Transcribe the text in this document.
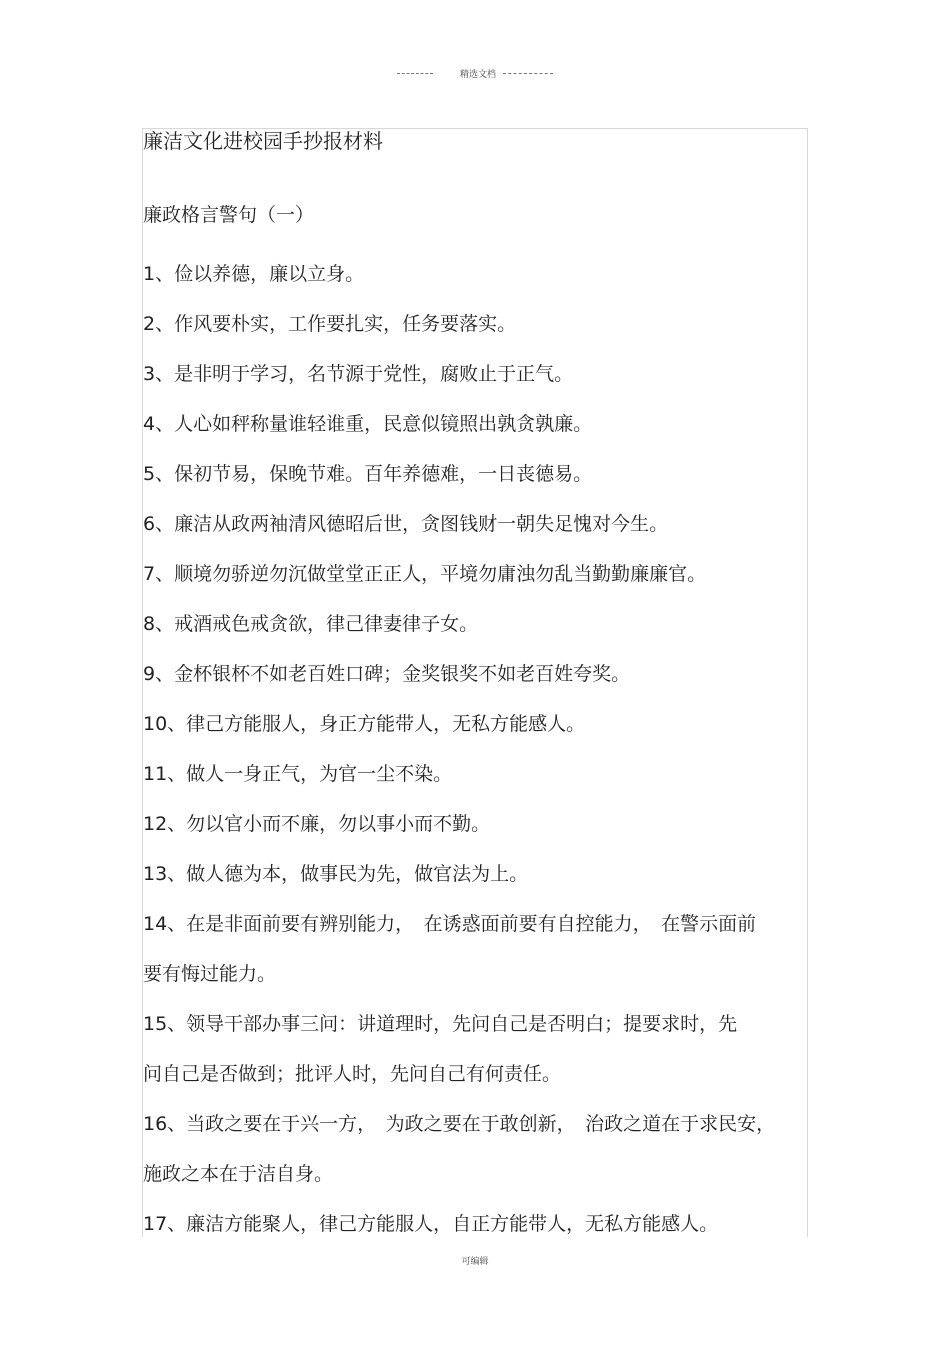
精选文档
廉洁文化进校园手抄报材料
廉政格言警句（一）
1、俭以养德，廉以立身。
2、作风要朴实，工作要扎实，任务要落实。
3、是非明于学习，名节源于党性，腐败止于正气。
4、人心如秤称量谁轻谁重，民意似镜照出孰贪孰廉。
5、保初节易，保晚节难。百年养德难，一日丧德易。
6、廉洁从政两袖清风德昭后世，贪图钱财一朝失足愧对今生。
7、顺境勿骄逆勿沉做堂堂正正人，平境勿庸浊勿乱当勤勤廉廉官。
8、戒酒戒色戒贪欲，律己律妻律子女。
9、金杯银杯不如老百姓口碑；金奖银奖不如老百姓夸奖。
10、律己方能服人，身正方能带人，无私方能感人。
11、做人一身正气，为官一尘不染。
12、勿以官小而不廉，勿以事小而不勤。
13、做人德为本，做事民为先，做官法为上。
14、在是非面前要有辨别能力，　在诱惑面前要有自控能力，　在警示面前
要有悔过能力。
15、领导干部办事三问：讲道理时，先问自己是否明白；提要求时，先
问自己是否做到；批评人时，先问自己有何责任。
16、当政之要在于兴一方，　为政之要在于敢创新，　治政之道在于求民安，
施政之本在于洁自身。
17、廉洁方能聚人，律己方能服人，自正方能带人，无私方能感人。
可编辑
